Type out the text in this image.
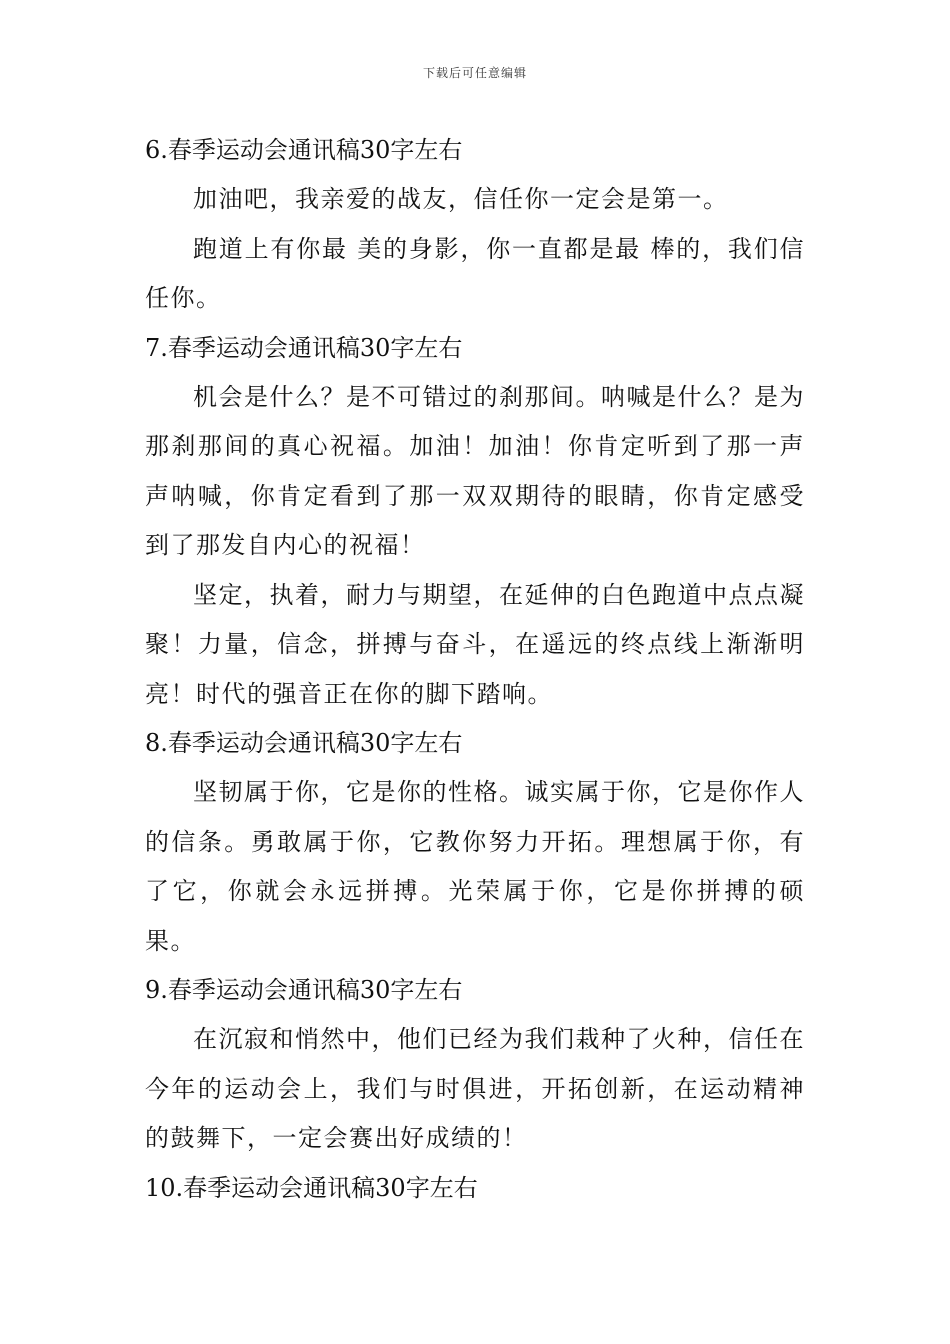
下载后可任意编辑

6.春季运动会通讯稿30字左右

加油吧，我亲爱的战友，信任你一定会是第一。

跑道上有你最 美的身影，你一直都是最 棒的，我们信任你。

7.春季运动会通讯稿30字左右

机会是什么？是不可错过的刹那间。呐喊是什么？是为那刹那间的真心祝福。加油！加油！你肯定听到了那一声声呐喊，你肯定看到了那一双双期待的眼睛，你肯定感受到了那发自内心的祝福！

坚定，执着，耐力与期望，在延伸的白色跑道中点点凝聚！力量，信念，拼搏与奋斗，在遥远的终点线上渐渐明亮！时代的强音正在你的脚下踏响。

8.春季运动会通讯稿30字左右

坚韧属于你，它是你的性格。诚实属于你，它是你作人的信条。勇敢属于你，它教你努力开拓。理想属于你，有了它，你就会永远拼搏。光荣属于你，它是你拼搏的硕果。

9.春季运动会通讯稿30字左右

在沉寂和悄然中，他们已经为我们栽种了火种，信任在今年的运动会上，我们与时俱进，开拓创新，在运动精神的鼓舞下，一定会赛出好成绩的！

10.春季运动会通讯稿30字左右
